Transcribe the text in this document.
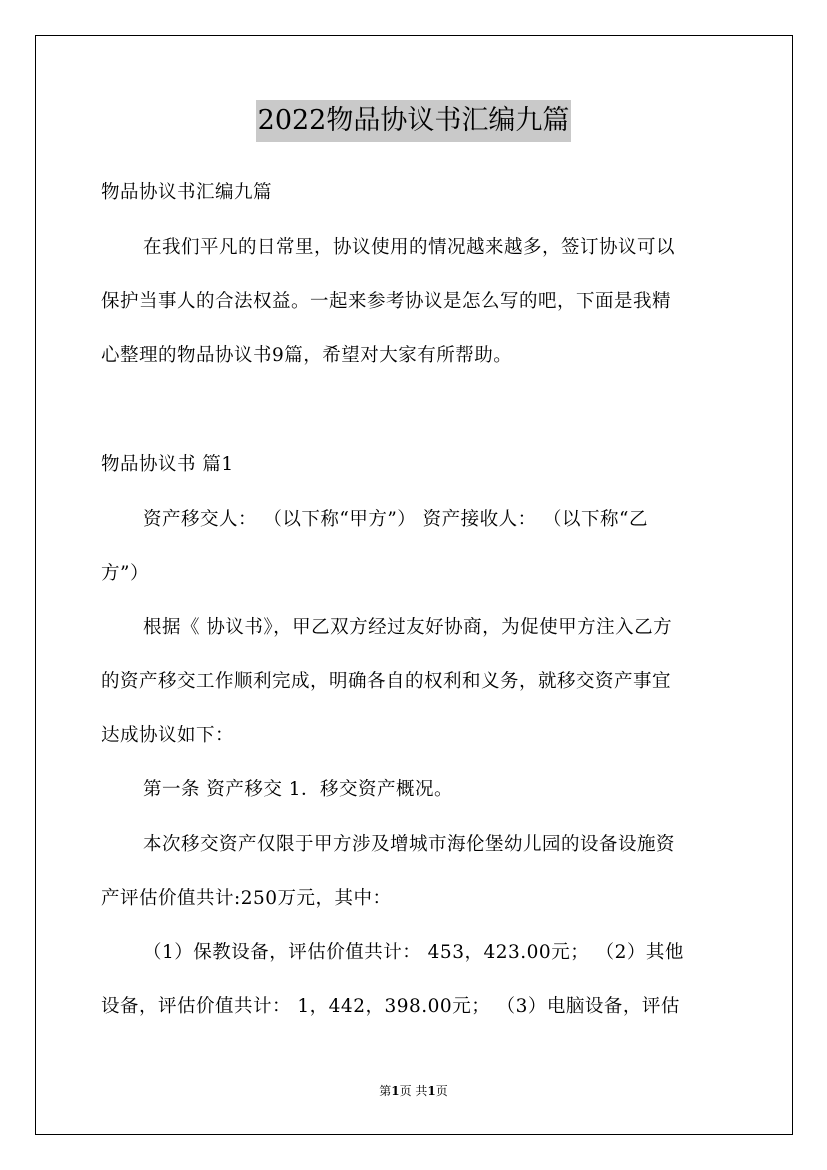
2022物品协议书汇编九篇
物品协议书汇编九篇
在我们平凡的日常里，协议使用的情况越来越多，签订协议可以
保护当事人的合法权益。一起来参考协议是怎么写的吧，下面是我精
心整理的物品协议书9篇，希望对大家有所帮助。
物品协议书 篇1
资产移交人： （以下称“甲方”） 资产接收人： （以下称“乙
方”）
根据《 协议书》，甲乙双方经过友好协商，为促使甲方注入乙方
的资产移交工作顺利完成，明确各自的权利和义务，就移交资产事宜
达成协议如下：
第一条 资产移交 1．移交资产概况。
本次移交资产仅限于甲方涉及增城市海伦堡幼儿园的设备设施资
产评估价值共计:250万元，其中：
（1）保教设备，评估价值共计： 453，423.00元； （2）其他
设备，评估价值共计： 1，442，398.00元； （3）电脑设备，评估
第1页 共1页
